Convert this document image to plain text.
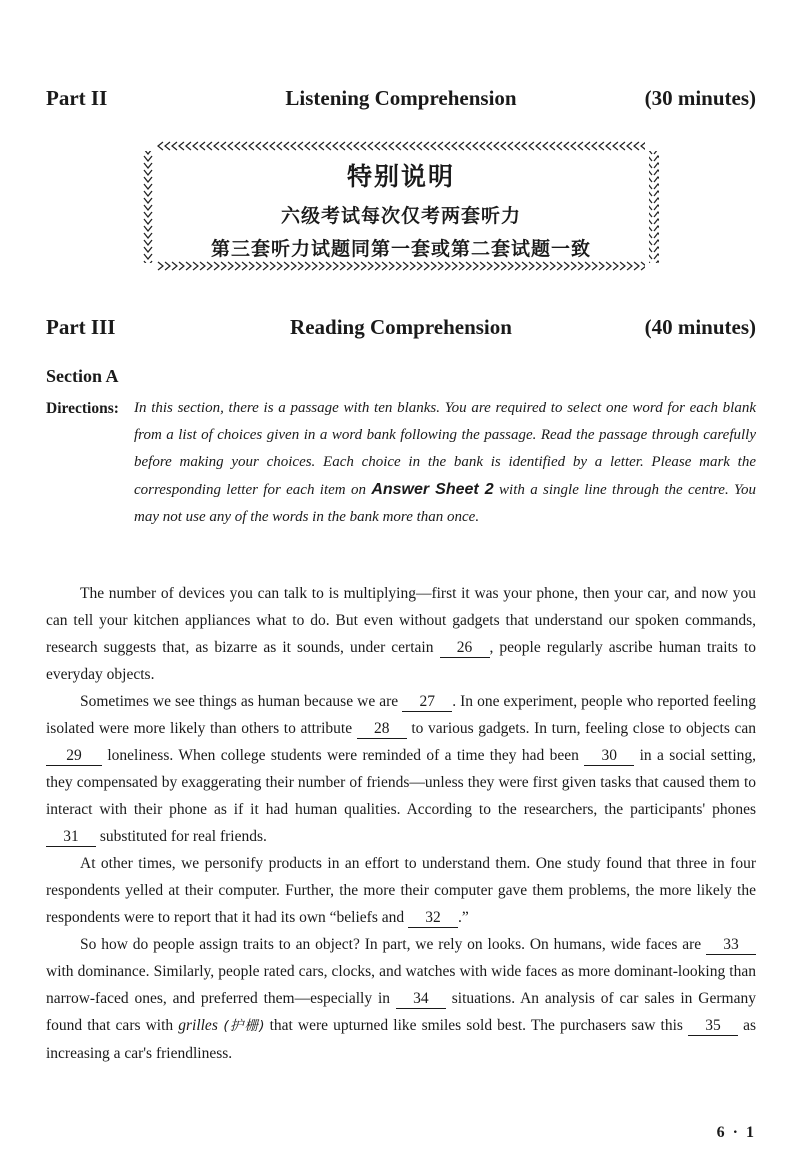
Part II	Listening Comprehension	(30 minutes)
特别说明
六级考试每次仅考两套听力
第三套听力试题同第一套或第二套试题一致
Part III	Reading Comprehension	(40 minutes)
Section A
Directions: In this section, there is a passage with ten blanks. You are required to select one word for each blank from a list of choices given in a word bank following the passage. Read the passage through carefully before making your choices. Each choice in the bank is identified by a letter. Please mark the corresponding letter for each item on Answer Sheet 2 with a single line through the centre. You may not use any of the words in the bank more than once.

The number of devices you can talk to is multiplying—first it was your phone, then your car, and now you can tell your kitchen appliances what to do. But even without gadgets that understand our spoken commands, research suggests that, as bizarre as it sounds, under certain 26 , people regularly ascribe human traits to everyday objects.

Sometimes we see things as human because we are 27 . In one experiment, people who reported feeling isolated were more likely than others to attribute 28 to various gadgets. In turn, feeling close to objects can 29 loneliness. When college students were reminded of a time they had been 30 in a social setting, they compensated by exaggerating their number of friends—unless they were first given tasks that caused them to interact with their phone as if it had human qualities. According to the researchers, the participants' phones 31 substituted for real friends.

At other times, we personify products in an effort to understand them. One study found that three in four respondents yelled at their computer. Further, the more their computer gave them problems, the more likely the respondents were to report that it had its own “beliefs and 32 .”

So how do people assign traits to an object? In part, we rely on looks. On humans, wide faces are 33 with dominance. Similarly, people rated cars, clocks, and watches with wide faces as more dominant-looking than narrow-faced ones, and preferred them—especially in 34 situations. An analysis of car sales in Germany found that cars with grilles (护栅) that were upturned like smiles sold best. The purchasers saw this 35 as increasing a car's friendliness.

6 · 1
